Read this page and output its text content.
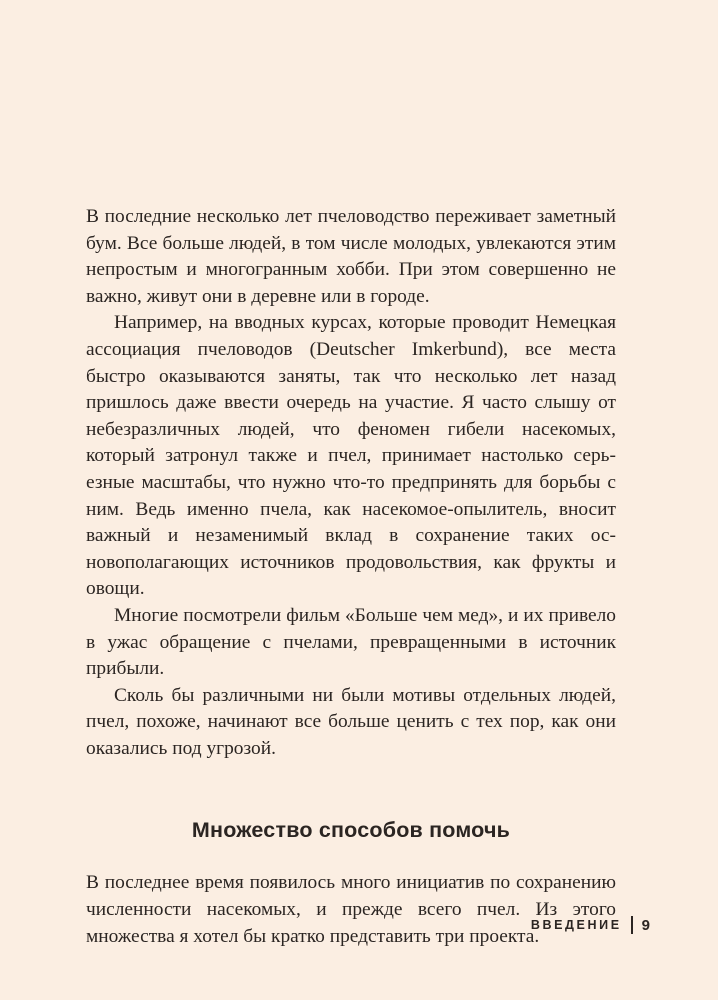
В последние несколько лет пчеловодство переживает заметный бум. Все больше людей, в том числе молодых, увлекаются этим непростым и многогранным хобби. При этом совершенно не важно, живут они в деревне или в городе.

Например, на вводных курсах, которые проводит Немецкая ассоциация пчеловодов (Deutscher Imkerbund), все места быстро оказываются заняты, так что несколько лет назад пришлось даже ввести очередь на участие. Я часто слышу от небезразличных людей, что феномен гибели насекомых, который затронул также и пчел, принимает настолько серьезные масштабы, что нужно что-то предпринять для борьбы с ним. Ведь именно пчела, как насекомое-опылитель, вносит важный и незаменимый вклад в сохранение таких основополагающих источников продовольствия, как фрукты и овощи.

Многие посмотрели фильм «Больше чем мед», и их привело в ужас обращение с пчелами, превращенными в источник прибыли.

Сколь бы различными ни были мотивы отдельных людей, пчел, похоже, начинают все больше ценить с тех пор, как они оказались под угрозой.

Множество способов помочь

В последнее время появилось много инициатив по сохранению численности насекомых, и прежде всего пчел. Из этого множества я хотел бы кратко представить три проекта.

ВВЕДЕНИЕ 9
